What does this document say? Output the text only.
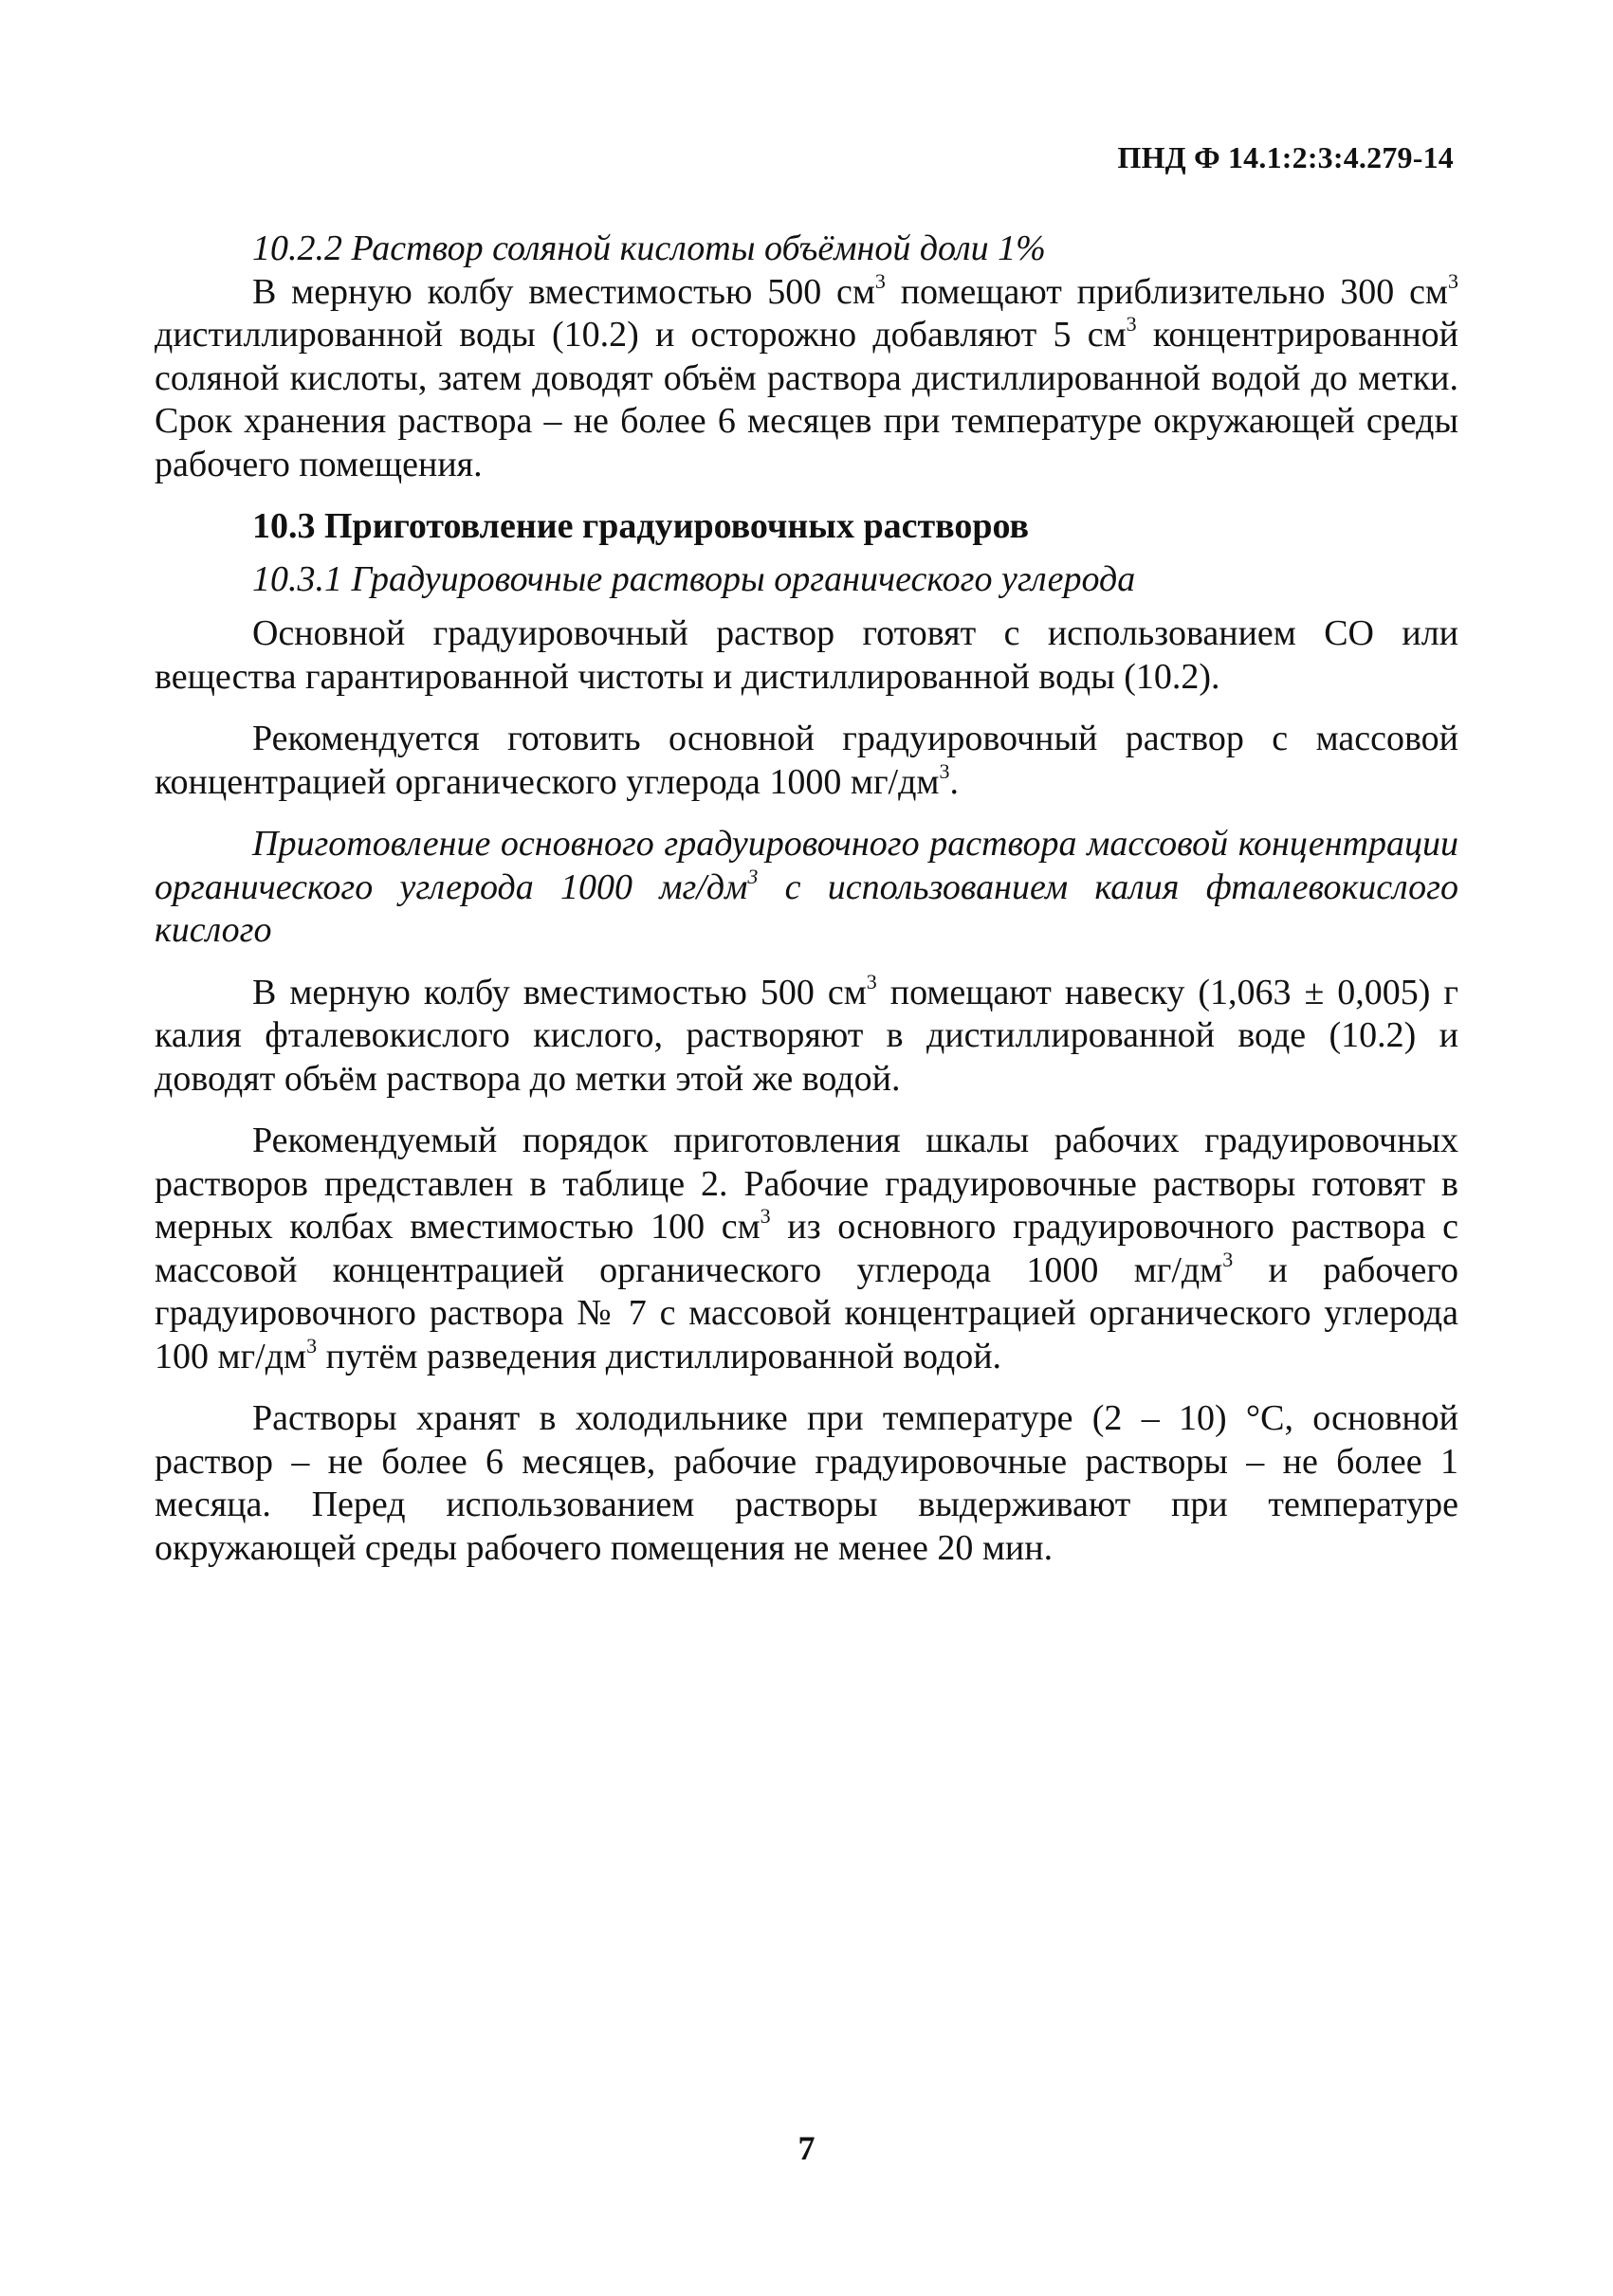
ПНД Ф 14.1:2:3:4.279-14

10.2.2 Раствор соляной кислоты объёмной доли 1%

В мерную колбу вместимостью 500 $см^3$ помещают приблизительно 300 $см^3$ дистиллированной воды (10.2) и осторожно добавляют 5 $см^3$ концентрированной соляной кислоты, затем доводят объём раствора дистиллированной водой до метки. Срок хранения раствора – не более 6 месяцев при температуре окружающей среды рабочего помещения.

10.3 Приготовление градуировочных растворов

10.3.1 Градуировочные растворы органического углерода

Основной градуировочный раствор готовят с использованием СО или вещества гарантированной чистоты и дистиллированной воды (10.2).

Рекомендуется готовить основной градуировочный раствор с массовой концентрацией органического углерода 1000 $мг/дм^3$.

Приготовление основного градуировочного раствора массовой концентрации органического углерода 1000 $мг/дм^3$ с использованием калия фталевокислого кислого

В мерную колбу вместимостью 500 $см^3$ помещают навеску (1,063 ± 0,005) г калия фталевокислого кислого, растворяют в дистиллированной воде (10.2) и доводят объём раствора до метки этой же водой.

Рекомендуемый порядок приготовления шкалы рабочих градуировочных растворов представлен в таблице 2. Рабочие градуировочные растворы готовят в мерных колбах вместимостью 100 $см^3$ из основного градуировочного раствора с массовой концентрацией органического углерода 1000 $мг/дм^3$ и рабочего градуировочного раствора № 7 с массовой концентрацией органического углерода 100 $мг/дм^3$ путём разведения дистиллированной водой.

Растворы хранят в холодильнике при температуре (2 – 10) °С, основной раствор – не более 6 месяцев, рабочие градуировочные растворы – не более 1 месяца. Перед использованием растворы выдерживают при температуре окружающей среды рабочего помещения не менее 20 мин.

7
